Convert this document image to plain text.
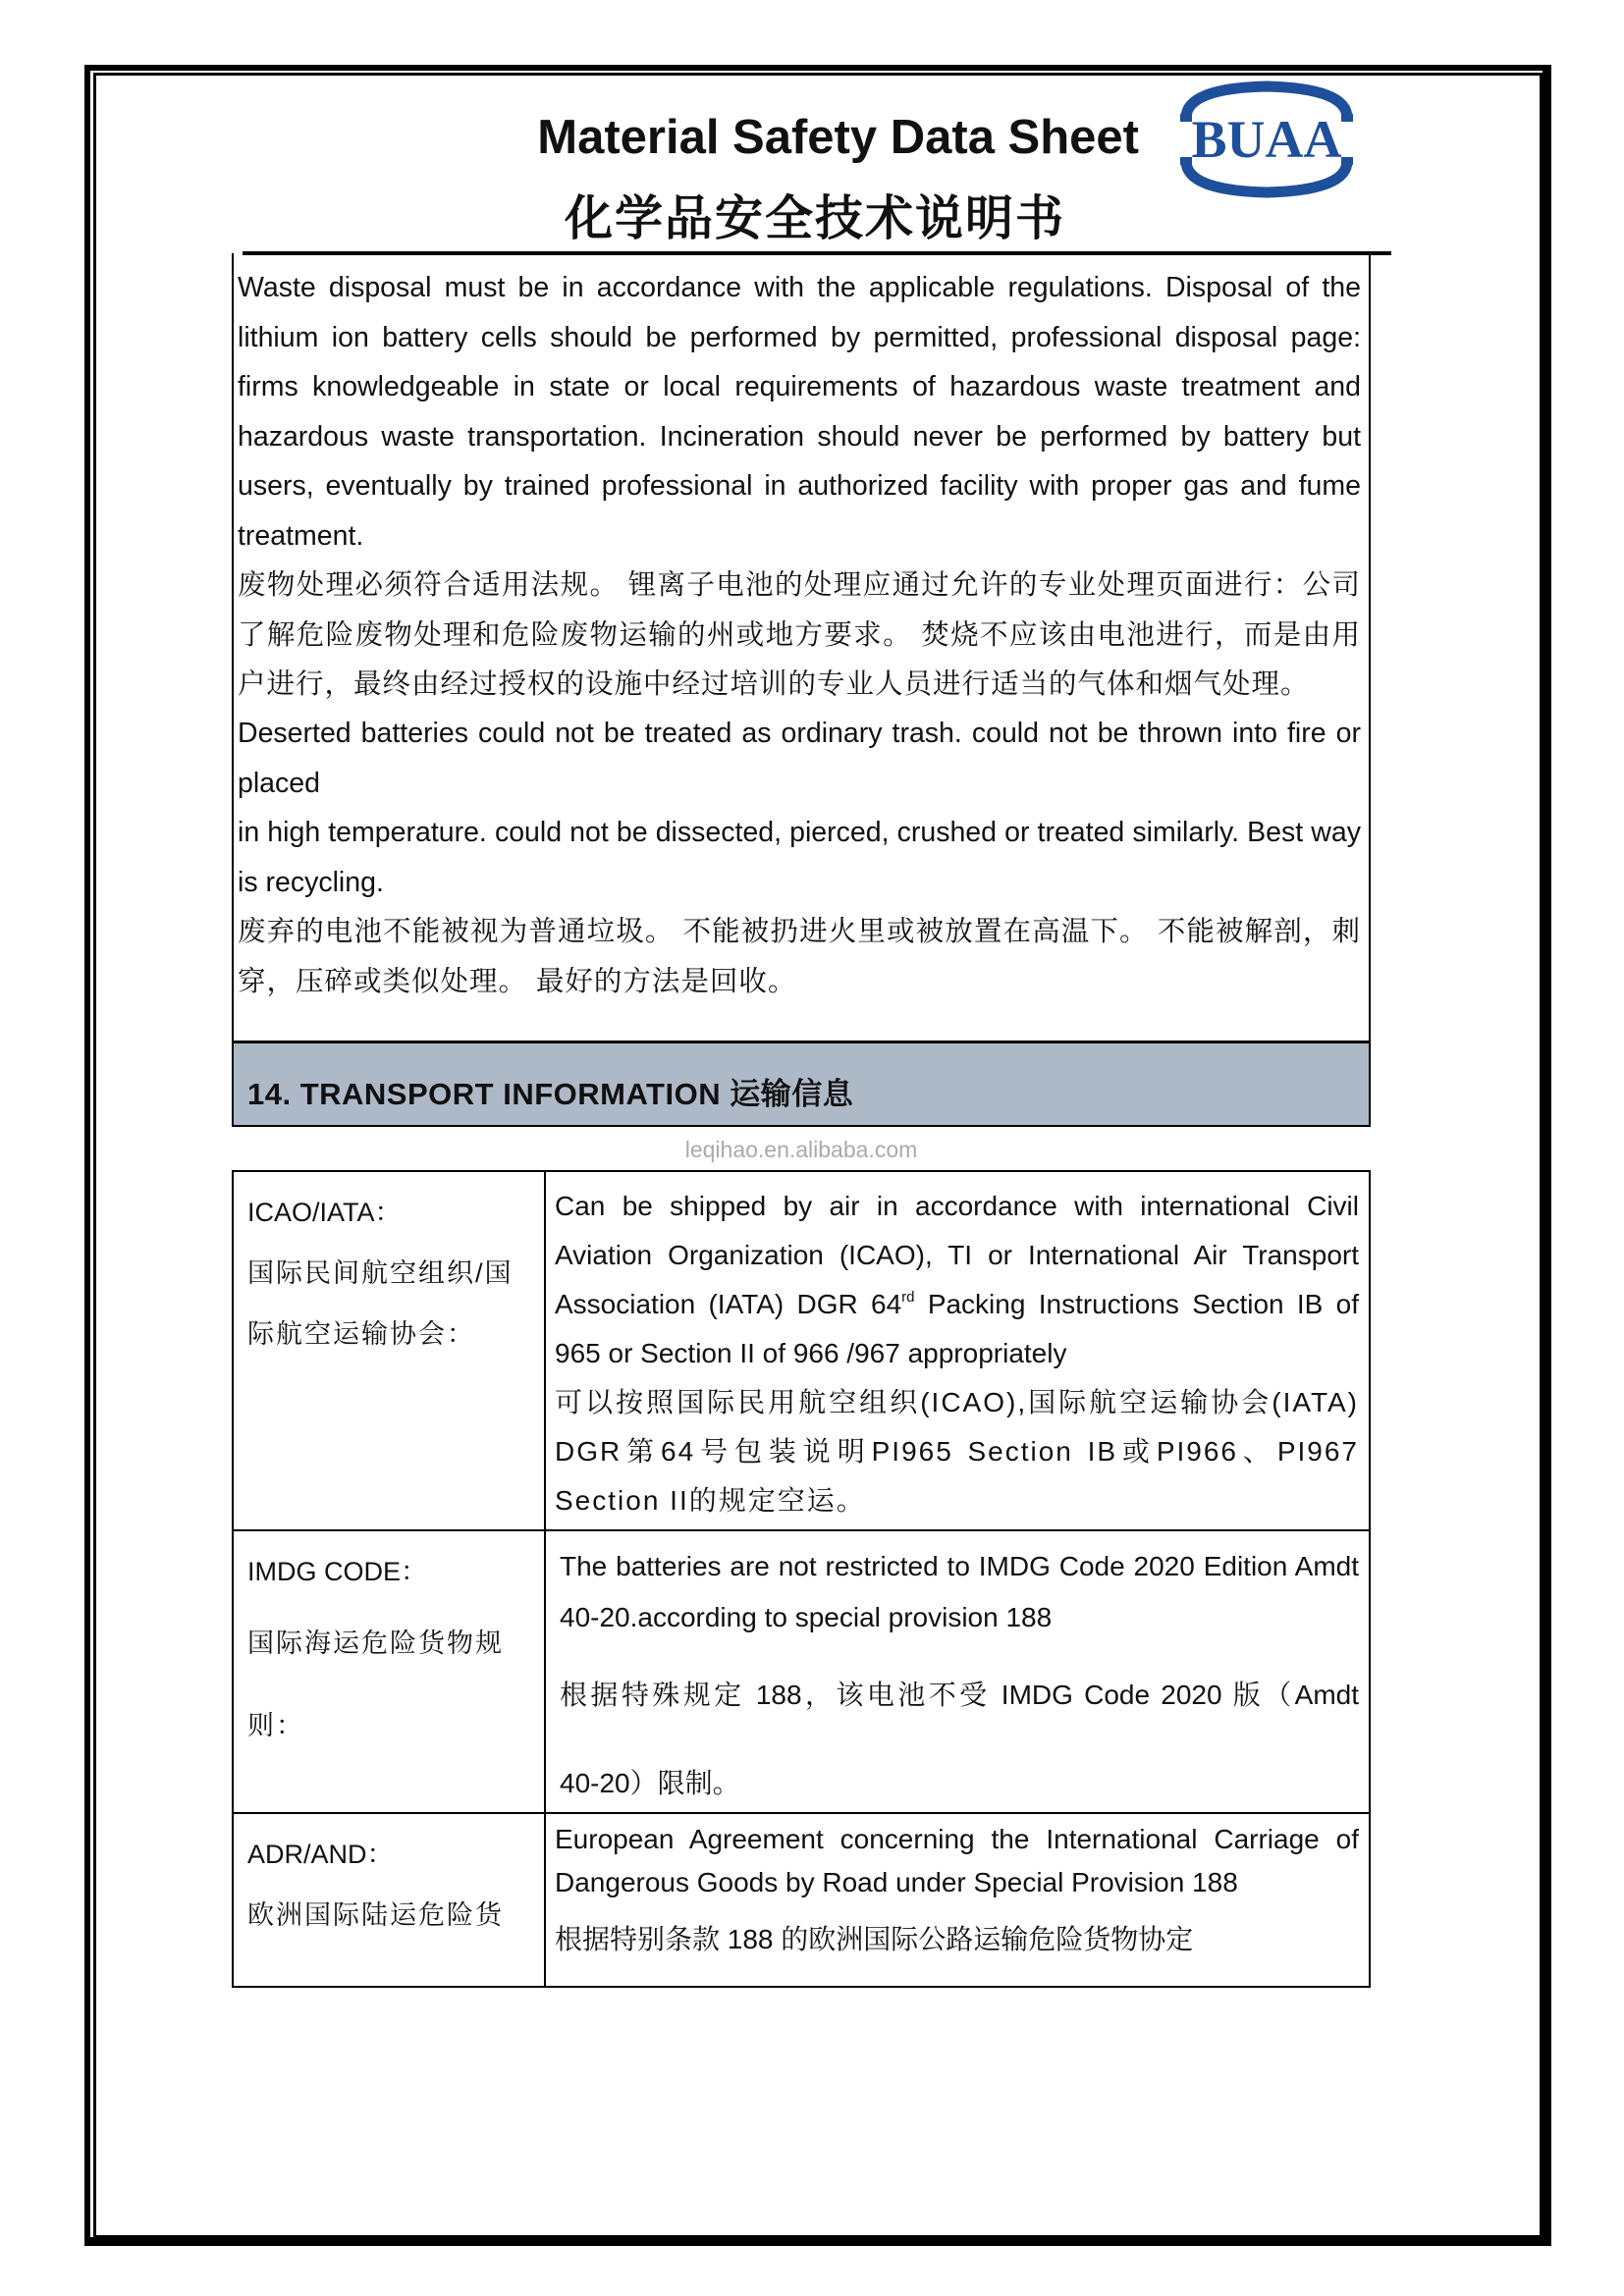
Material Safety Data Sheet
化学品安全技术说明书
BUAA
Waste disposal must be in accordance with the applicable regulations. Disposal of the lithium ion battery cells should be performed by permitted, professional disposal page: firms knowledgeable in state or local requirements of hazardous waste treatment and hazardous waste transportation. Incineration should never be performed by battery but users, eventually by trained professional in authorized facility with proper gas and fume treatment.
废物处理必须符合适用法规。 锂离子电池的处理应通过允许的专业处理页面进行：公司了解危险废物处理和危险废物运输的州或地方要求。 焚烧不应该由电池进行，而是由用户进行，最终由经过授权的设施中经过培训的专业人员进行适当的气体和烟气处理。
Deserted batteries could not be treated as ordinary trash. could not be thrown into fire or placed
in high temperature. could not be dissected, pierced, crushed or treated similarly. Best way is recycling.
废弃的电池不能被视为普通垃圾。 不能被扔进火里或被放置在高温下。 不能被解剖，刺穿，压碎或类似处理。 最好的方法是回收。
14. TRANSPORT INFORMATION 运输信息
leqihao.en.alibaba.com
ICAO/IATA：
国际民间航空组织/国际航空运输协会：

Can be shipped by air in accordance with international Civil Aviation Organization (ICAO), TI or International Air Transport Association (IATA) DGR 64rd Packing Instructions Section IB of 965 or Section II of 966 /967 appropriately
可以按照国际民用航空组织(ICAO),国际航空运输协会(IATA) DGR第64号包装说明PI965 Section IB或PI966、PI967 Section II的规定空运。

IMDG CODE：
国际海运危险货物规则：

The batteries are not restricted to IMDG Code 2020 Edition Amdt 40-20.according to special provision 188
根据特殊规定 188，该电池不受 IMDG Code 2020 版（Amdt
40-20）限制。

ADR/AND：
欧洲国际陆运危险货

European Agreement concerning the International Carriage of Dangerous Goods by Road under Special Provision 188
根据特别条款 188 的欧洲国际公路运输危险货物协定
